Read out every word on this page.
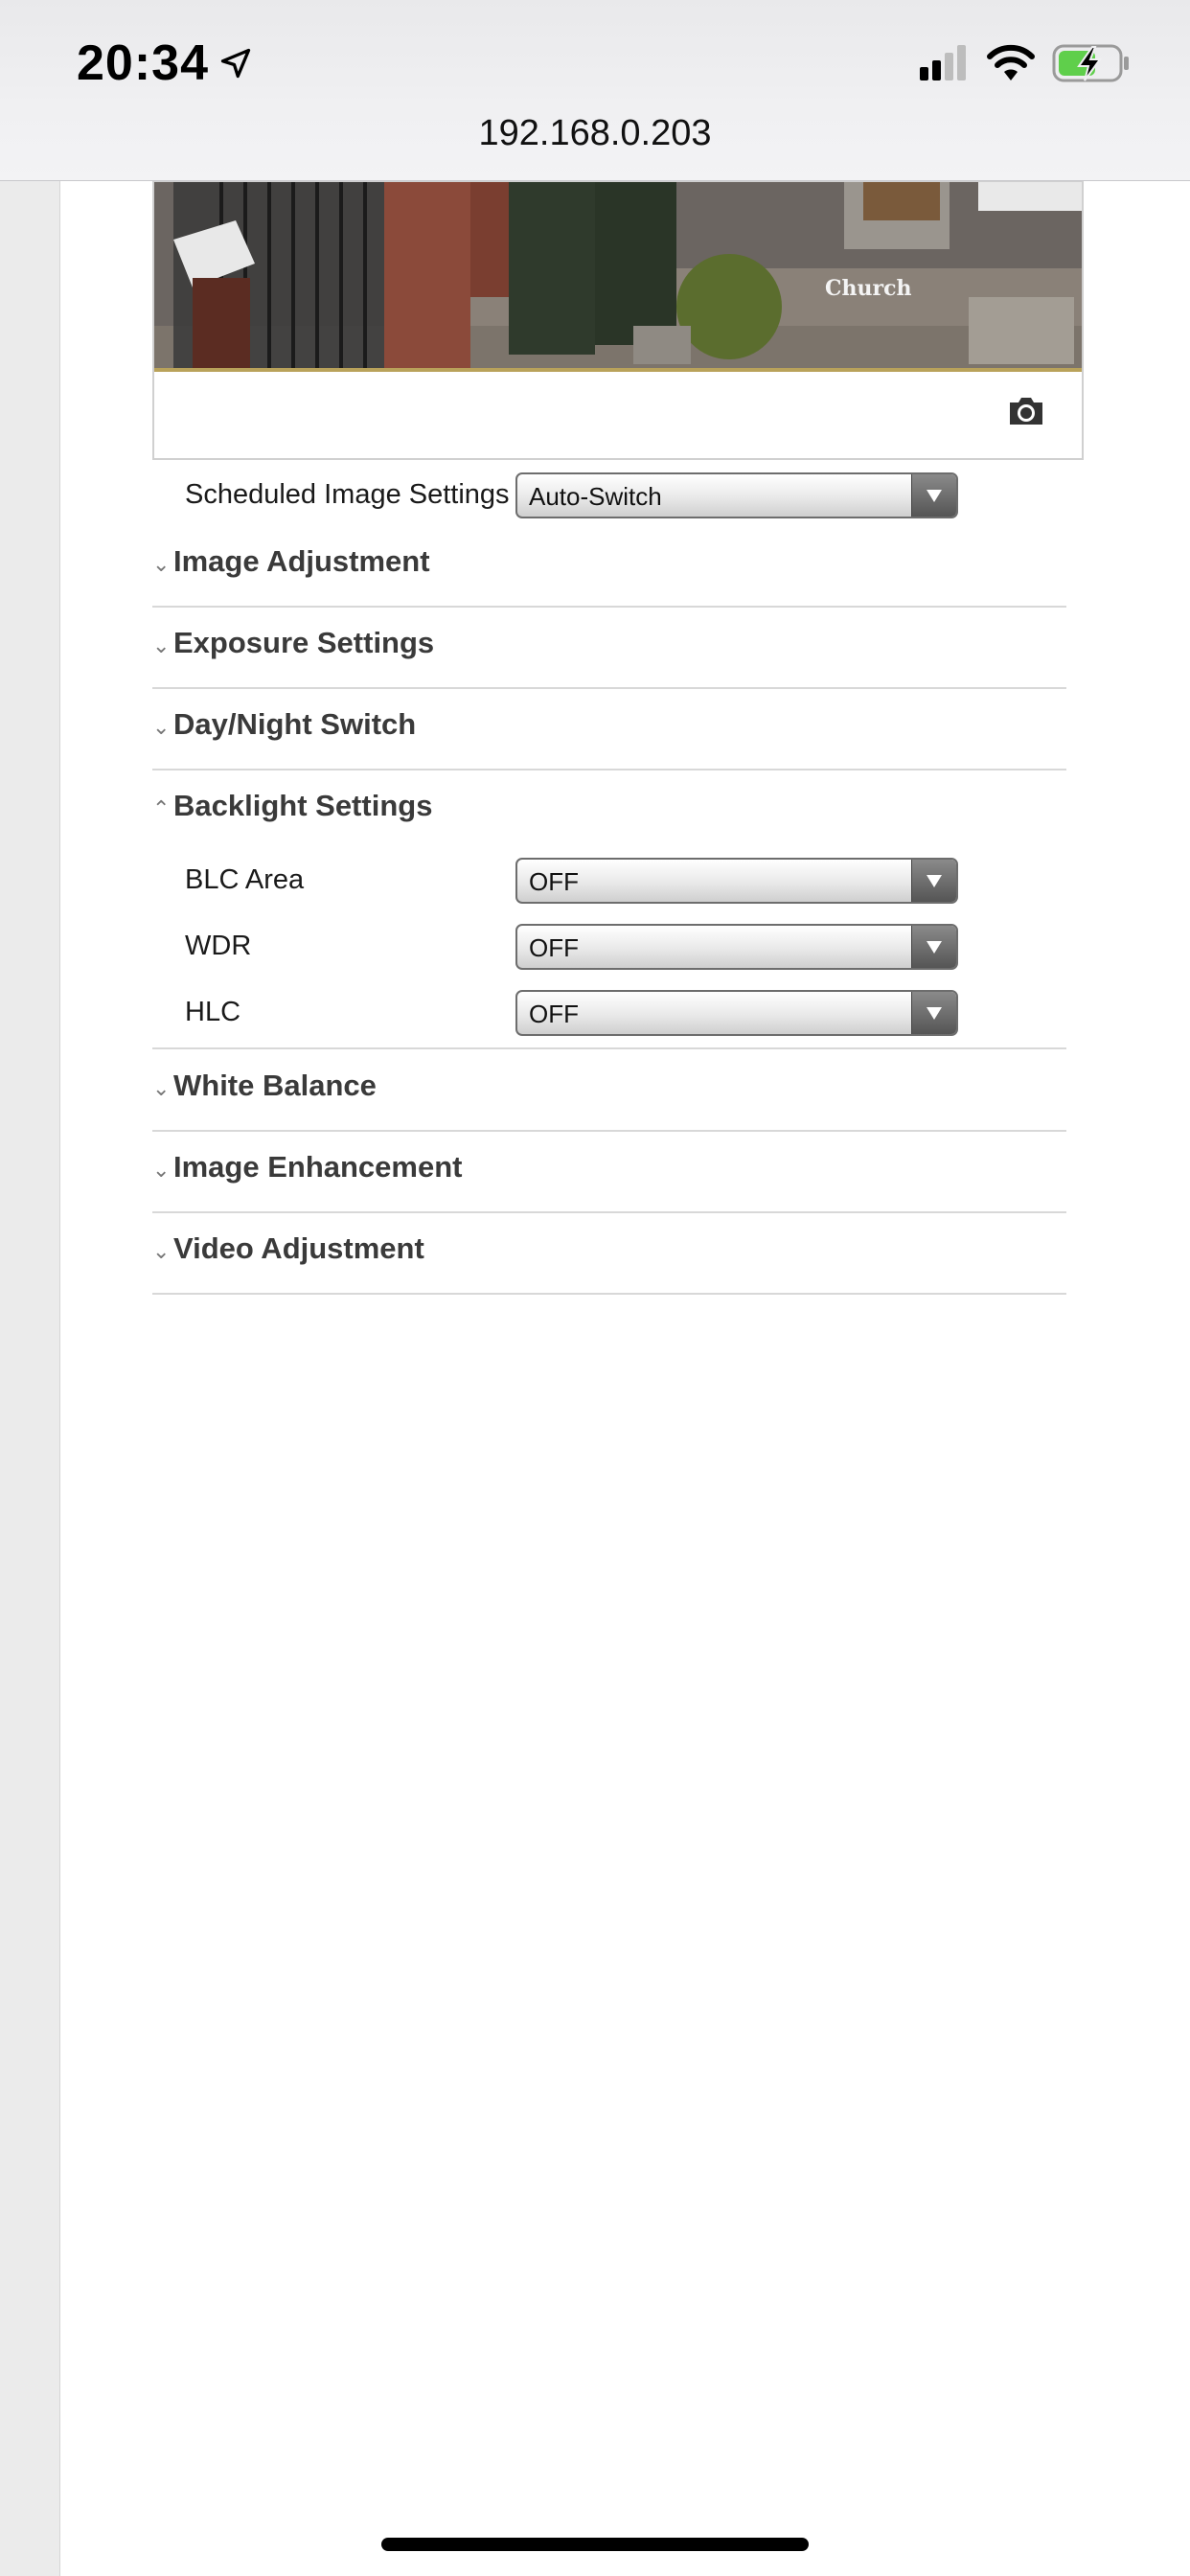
20:34
192.168.0.203
Church
Scheduled Image Settings Auto-Switch
⌄ Image Adjustment
⌄ Exposure Settings
⌄ Day/Night Switch
⌃ Backlight Settings
BLC Area	OFF
WDR	OFF
HLC	OFF
⌄ White Balance
⌄ Image Enhancement
⌄ Video Adjustment
